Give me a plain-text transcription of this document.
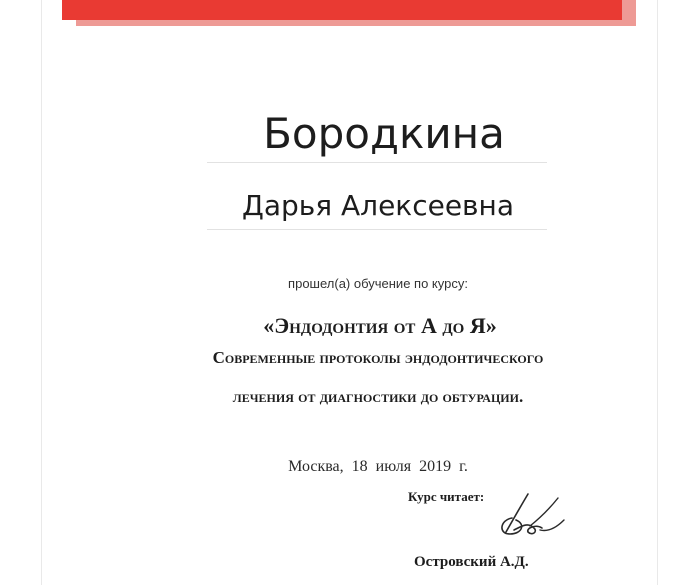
Бородкина
Дарья Алексеевна
прошел(а) обучение по курсу:
«Эндодонтия от А до Я»
Современные протоколы эндодонтического
лечения от диагностики до обтурации.
Москва, 18 июля 2019 г.
Курс читает:
Островский А.Д.
